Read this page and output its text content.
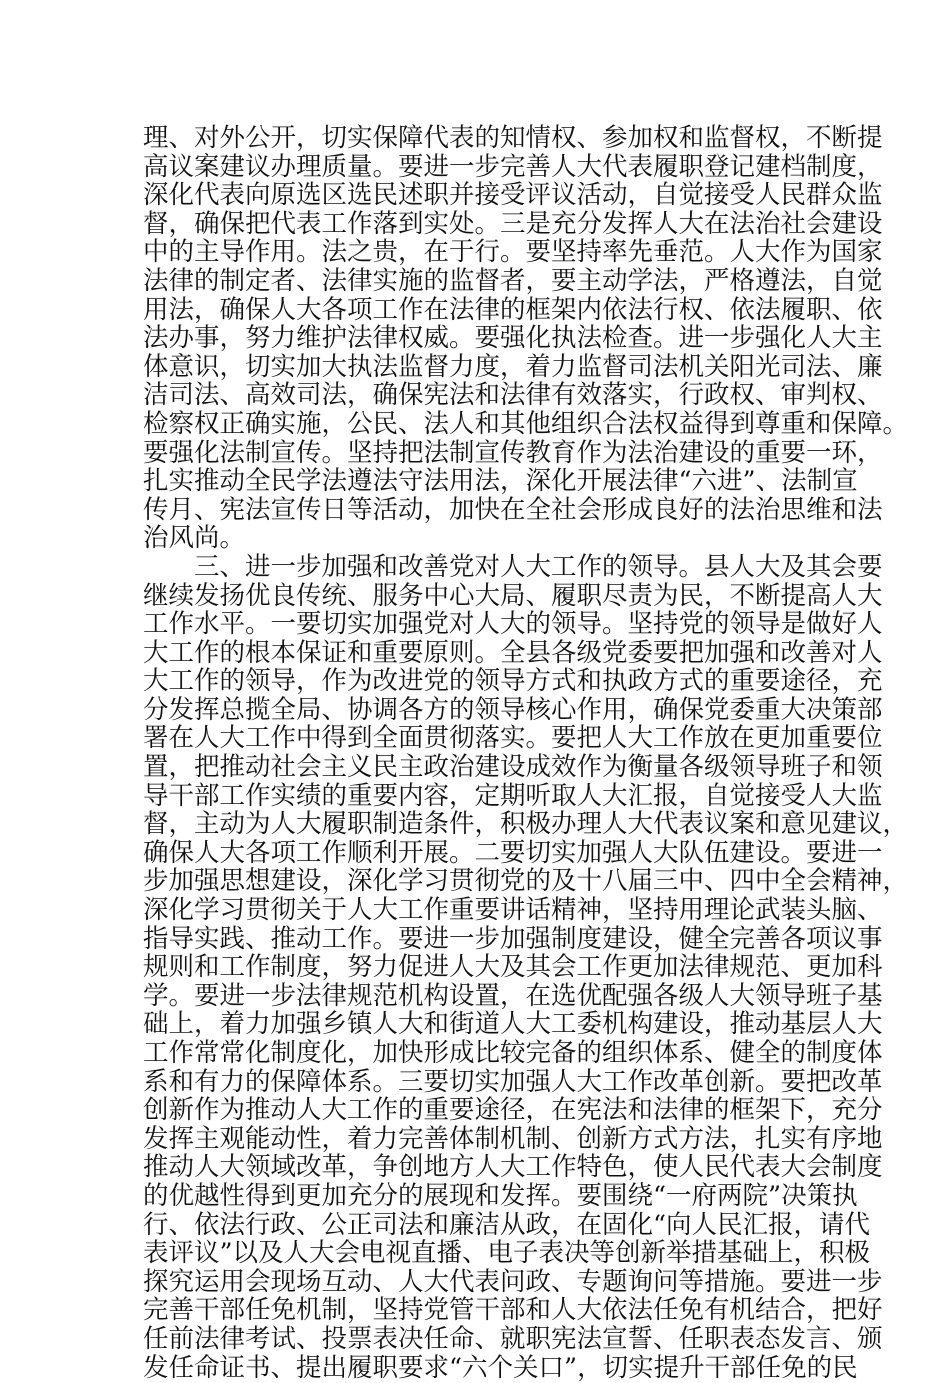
理、对外公开，切实保障代表的知情权、参加权和监督权，不断提
高议案建议办理质量。要进一步完善人大代表履职登记建档制度，
深化代表向原选区选民述职并接受评议活动，自觉接受人民群众监
督，确保把代表工作落到实处。三是充分发挥人大在法治社会建设
中的主导作用。法之贵，在于行。要坚持率先垂范。人大作为国家
法律的制定者、法律实施的监督者，要主动学法，严格遵法，自觉
用法，确保人大各项工作在法律的框架内依法行权、依法履职、依
法办事，努力维护法律权威。要强化执法检查。进一步强化人大主
体意识，切实加大执法监督力度，着力监督司法机关阳光司法、廉
洁司法、高效司法，确保宪法和法律有效落实，行政权、审判权、
检察权正确实施，公民、法人和其他组织合法权益得到尊重和保障。
要强化法制宣传。坚持把法制宣传教育作为法治建设的重要一环，
扎实推动全民学法遵法守法用法，深化开展法律“六进”、法制宣
传月、宪法宣传日等活动，加快在全社会形成良好的法治思维和法
治风尚。
　　三、进一步加强和改善党对人大工作的领导。县人大及其会要
继续发扬优良传统、服务中心大局、履职尽责为民，不断提高人大
工作水平。一要切实加强党对人大的领导。坚持党的领导是做好人
大工作的根本保证和重要原则。全县各级党委要把加强和改善对人
大工作的领导，作为改进党的领导方式和执政方式的重要途径，充
分发挥总揽全局、协调各方的领导核心作用，确保党委重大决策部
署在人大工作中得到全面贯彻落实。要把人大工作放在更加重要位
置，把推动社会主义民主政治建设成效作为衡量各级领导班子和领
导干部工作实绩的重要内容，定期听取人大汇报，自觉接受人大监
督，主动为人大履职制造条件，积极办理人大代表议案和意见建议，
确保人大各项工作顺利开展。二要切实加强人大队伍建设。要进一
步加强思想建设，深化学习贯彻党的及十八届三中、四中全会精神，
深化学习贯彻关于人大工作重要讲话精神，坚持用理论武装头脑、
指导实践、推动工作。要进一步加强制度建设，健全完善各项议事
规则和工作制度，努力促进人大及其会工作更加法律规范、更加科
学。要进一步法律规范机构设置，在选优配强各级人大领导班子基
础上，着力加强乡镇人大和街道人大工委机构建设，推动基层人大
工作常常化制度化，加快形成比较完备的组织体系、健全的制度体
系和有力的保障体系。三要切实加强人大工作改革创新。要把改革
创新作为推动人大工作的重要途径，在宪法和法律的框架下，充分
发挥主观能动性，着力完善体制机制、创新方式方法，扎实有序地
推动人大领域改革，争创地方人大工作特色，使人民代表大会制度
的优越性得到更加充分的展现和发挥。要围绕“一府两院”决策执
行、依法行政、公正司法和廉洁从政，在固化“向人民汇报，请代
表评议”以及人大会电视直播、电子表决等创新举措基础上，积极
探究运用会现场互动、人大代表问政、专题询问等措施。要进一步
完善干部任免机制，坚持党管干部和人大依法任免有机结合，把好
任前法律考试、投票表决任命、就职宪法宣誓、任职表态发言、颁
发任命证书、提出履职要求“六个关口”，切实提升干部任免的民
